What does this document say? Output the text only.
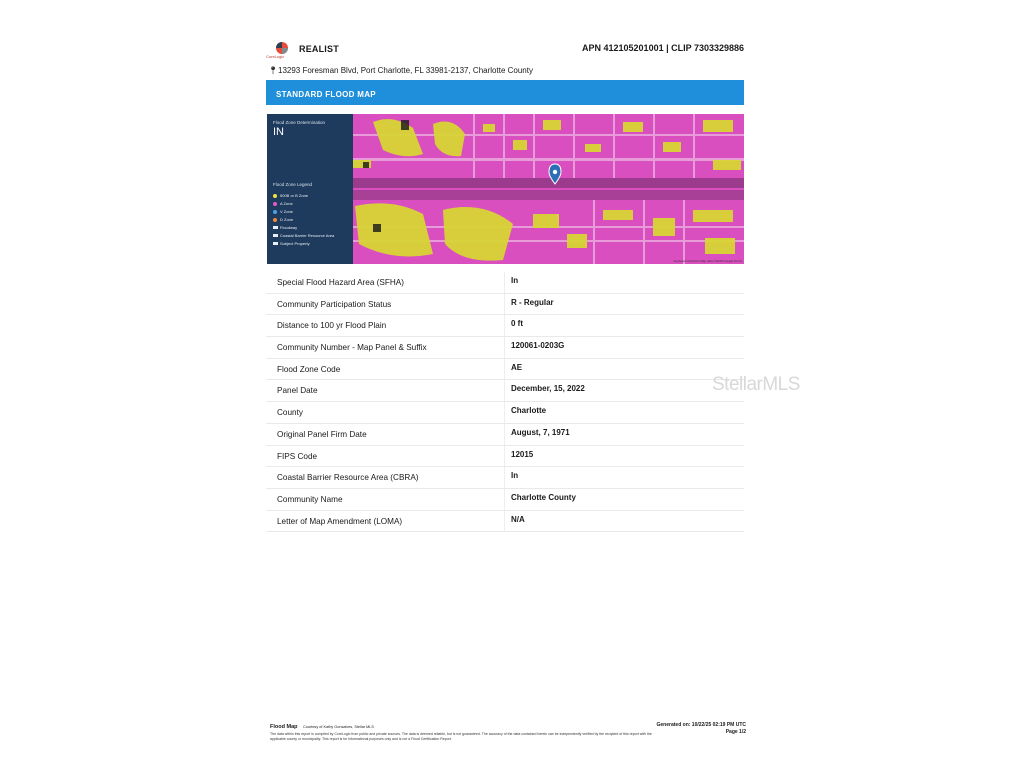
CoreLogic
REALIST	APN 412105201001 | CLIP 7303329886
📍︎ 13293 Foresman Blvd, Port Charlotte, FL 33981-2137, Charlotte County
STANDARD FLOOD MAP
Flood Zone Determination
IN
Flood Zone Legend
500B or B Zone
A Zone
V Zone
D Zone
Floodway
Coastal Barrier Resource Area
Subject Property
Keyboard shortcuts Map data ©2025 Google Terms
Special Flood Hazard Area (SFHA)	In
Community Participation Status	R - Regular
Distance to 100 yr Flood Plain	0 ft
Community Number - Map Panel & Suffix	120061-0203G
Flood Zone Code	AE
Panel Date	December, 15, 2022
County	Charlotte
Original Panel Firm Date	August, 7, 1971
FIPS Code	12015
Coastal Barrier Resource Area (CBRA)	In
Community Name	Charlotte County
Letter of Map Amendment (LOMA)	N/A
Flood Map Courtesy of Kathy Gonsalves, Stellar MLS
The data within this report is compiled by CoreLogic from public and private sources. The data is deemed reliable, but is not guaranteed. The accuracy of the data contained herein can be independently verified by the recipient of this report with the applicable county or municipality. This report is for informational purposes only and is not a Flood Certification Report.
Generated on: 10/22/25 02:19 PM UTC
Page 1/2
StellarMLS
